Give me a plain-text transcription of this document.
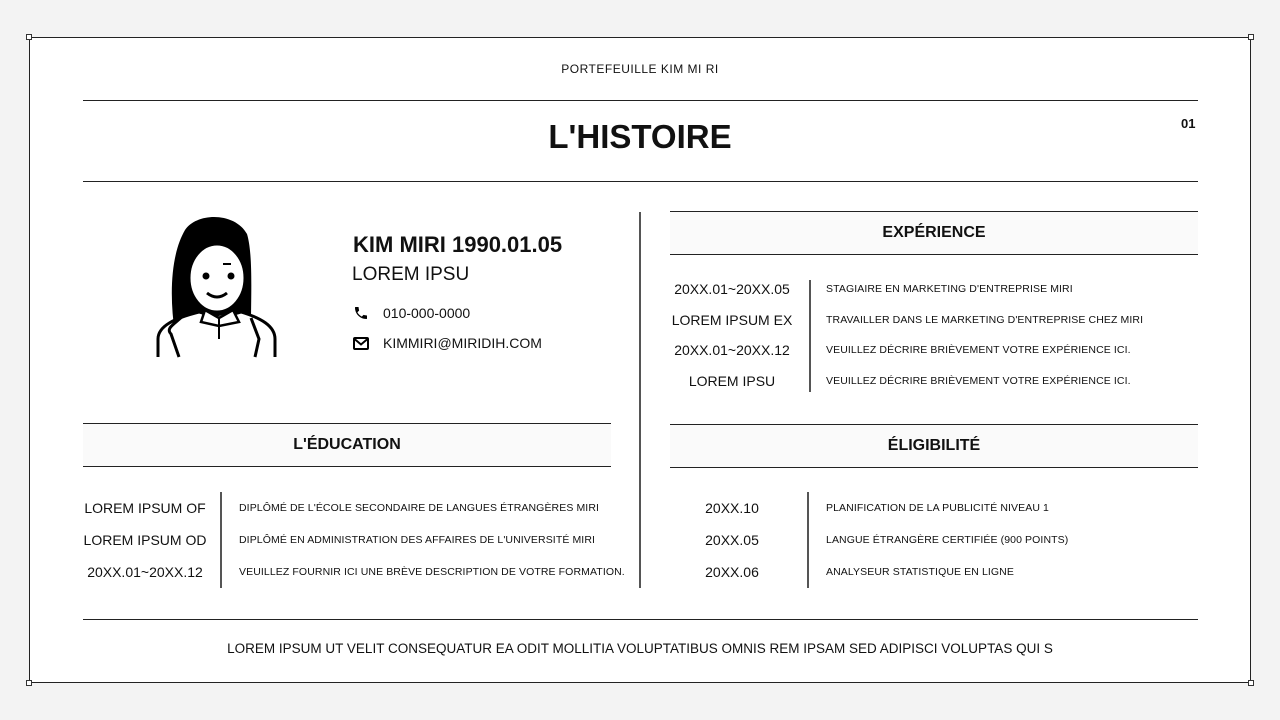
PORTEFEUILLE KIM MI RI
L'HISTOIRE	01
KIM MIRI 1990.01.05
LOREM IPSU
010-000-0000
KIMMIRI@MIRIDIH.COM
EXPÉRIENCE
L'ÉDUCATION	ÉLIGIBILITÉ
20XX.01~20XX.05	STAGIAIRE EN MARKETING D'ENTREPRISE MIRI
LOREM IPSUM EX	TRAVAILLER DANS LE MARKETING D'ENTREPRISE CHEZ MIRI
20XX.01~20XX.12	VEUILLEZ DÉCRIRE BRIÈVEMENT VOTRE EXPÉRIENCE ICI.
LOREM IPSU	VEUILLEZ DÉCRIRE BRIÈVEMENT VOTRE EXPÉRIENCE ICI.
LOREM IPSUM OF	DIPLÔMÉ DE L'ÉCOLE SECONDAIRE DE LANGUES ÉTRANGÈRES MIRI
LOREM IPSUM OD	DIPLÔMÉ EN ADMINISTRATION DES AFFAIRES DE L'UNIVERSITÉ MIRI
20XX.01~20XX.12	VEUILLEZ FOURNIR ICI UNE BRÈVE DESCRIPTION DE VOTRE FORMATION.
20XX.10	PLANIFICATION DE LA PUBLICITÉ NIVEAU 1
20XX.05	LANGUE ÉTRANGÈRE CERTIFIÉE (900 POINTS)
20XX.06	ANALYSEUR STATISTIQUE EN LIGNE
LOREM IPSUM UT VELIT CONSEQUATUR EA ODIT MOLLITIA VOLUPTATIBUS OMNIS REM IPSAM SED ADIPISCI VOLUPTAS QUI S
